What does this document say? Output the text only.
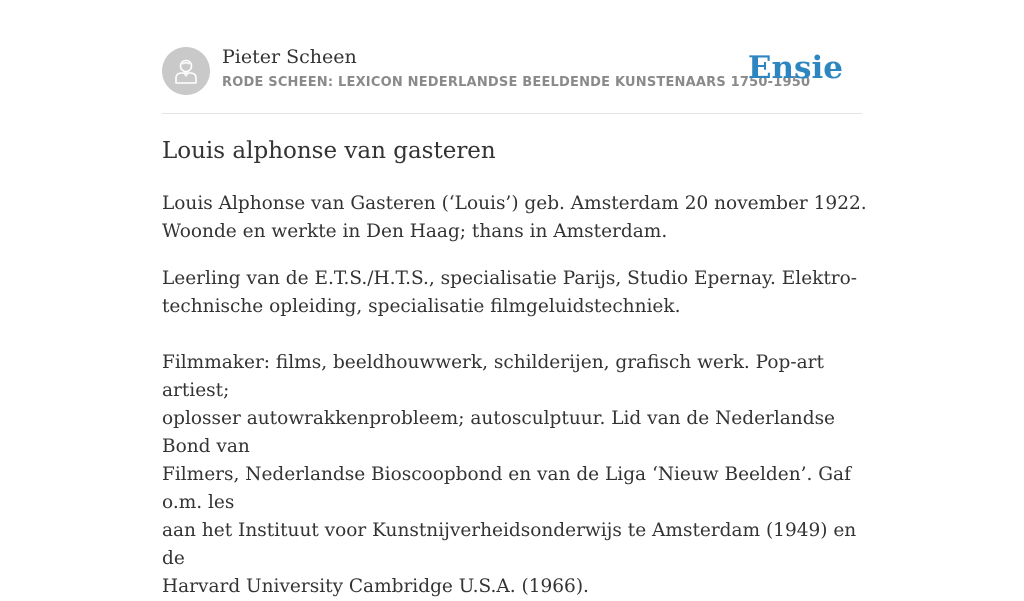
Pieter Scheen
RODE SCHEEN: LEXICON NEDERLANDSE BEELDENDE KUNSTENAARS 1750-1950
Ensie
Louis alphonse van gasteren

Louis Alphonse van Gasteren (‘Louis’) geb. Amsterdam 20 november 1922.
Woonde en werkte in Den Haag; thans in Amsterdam.

Leerling van de E.T.S./H.T.S., specialisatie Parijs, Studio Epernay. Elektro-
technische opleiding, specialisatie filmgeluidstechniek.

Filmmaker: films, beeldhouwwerk, schilderijen, grafisch werk. Pop-art artiest;
oplosser autowrakkenprobleem; autosculptuur. Lid van de Nederlandse Bond van
Filmers, Nederlandse Bioscoopbond en van de Liga ‘Nieuw Beelden’. Gaf o.m. les
aan het Instituut voor Kunstnijverheidsonderwijs te Amsterdam (1949) en de
Harvard University Cambridge U.S.A. (1966).
